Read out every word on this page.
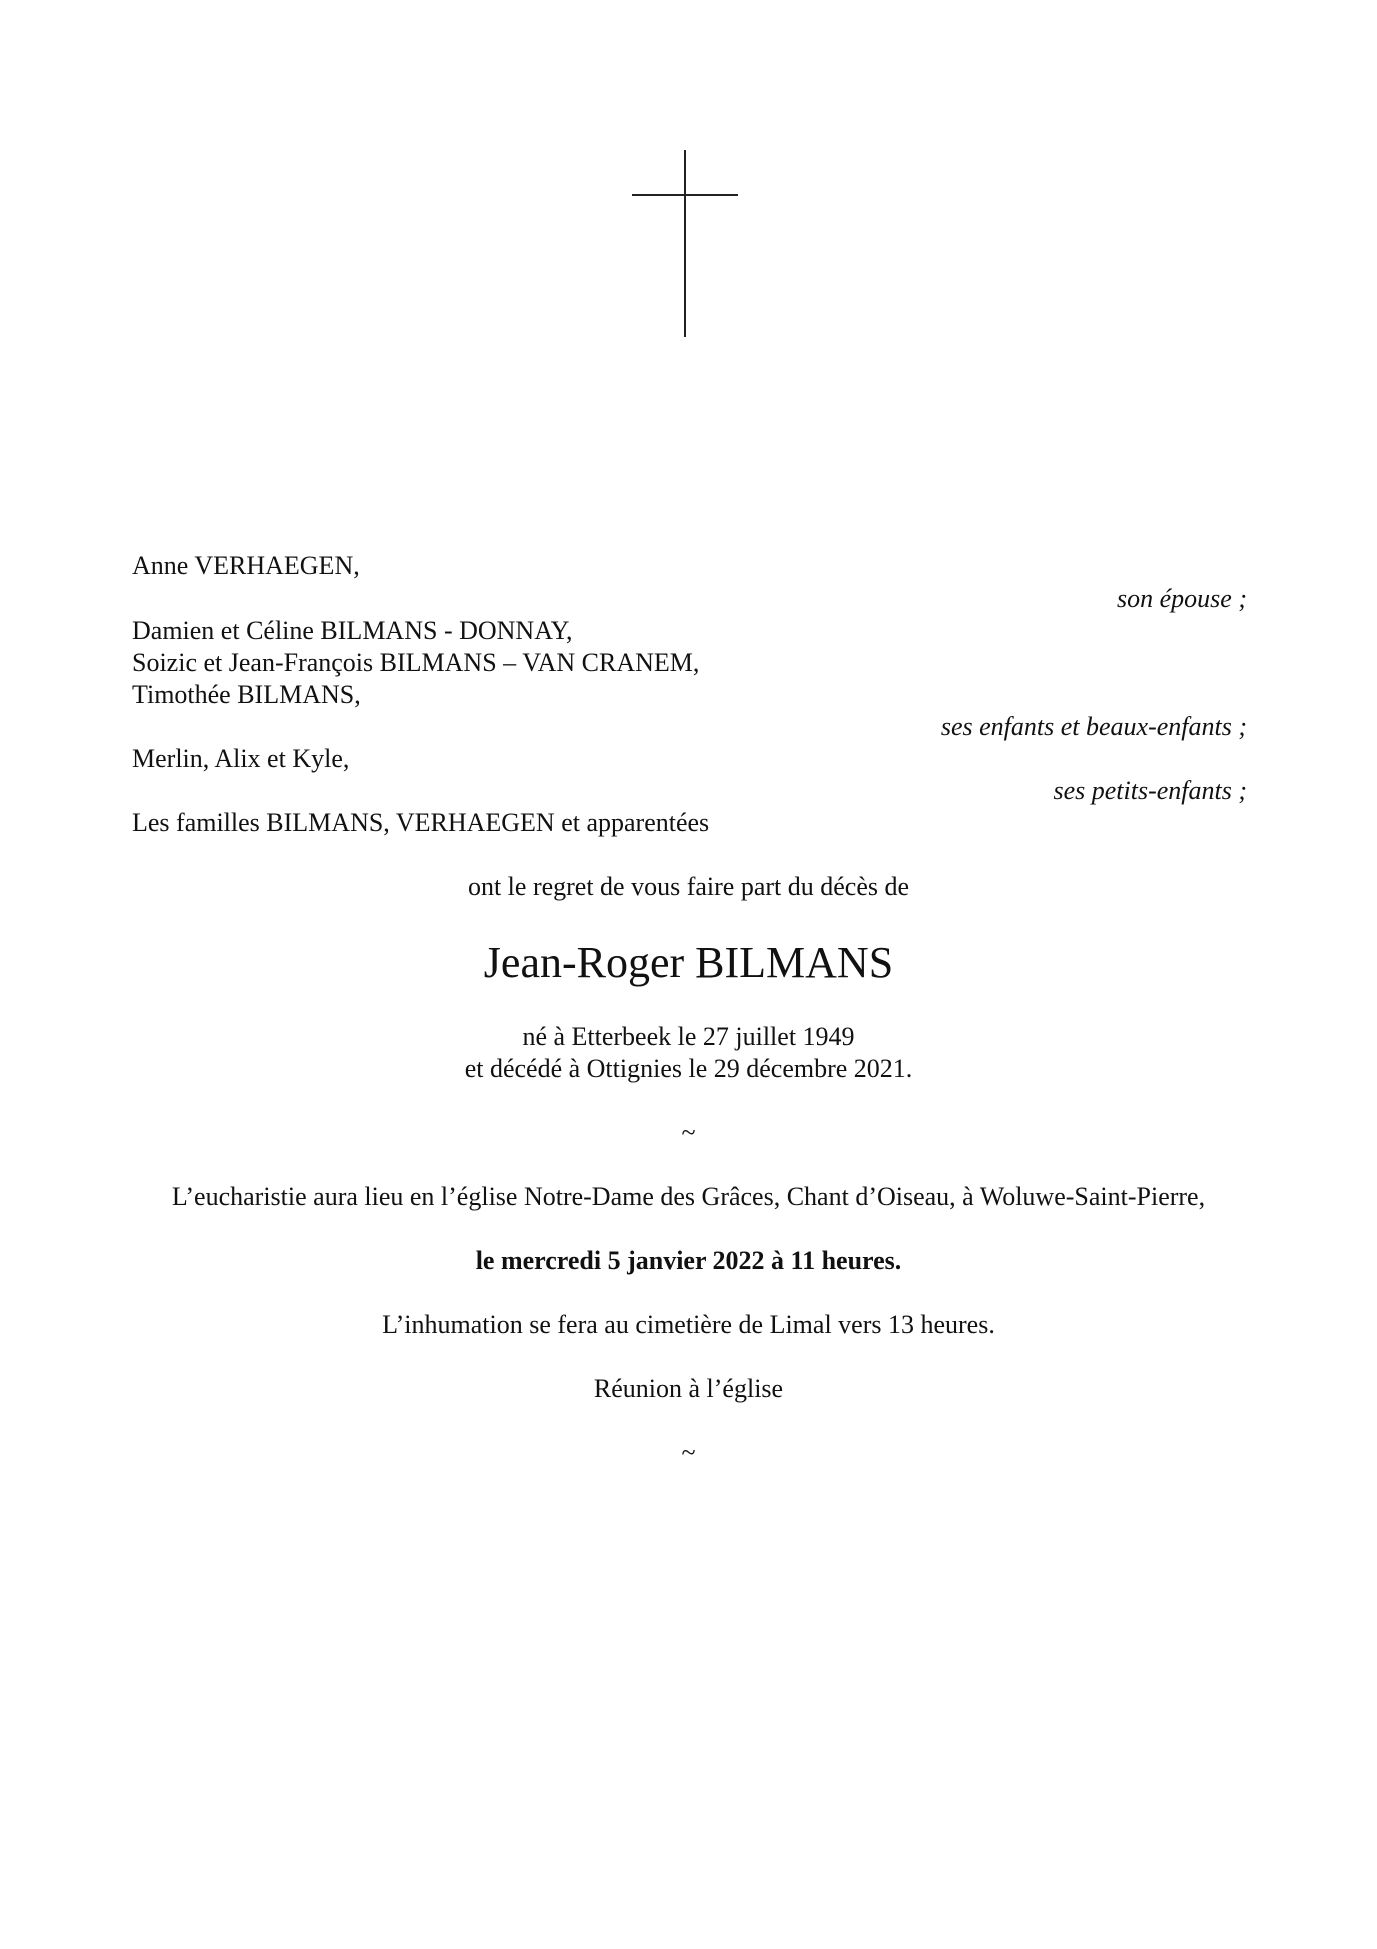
Anne VERHAEGEN,
son épouse ;
Damien et Céline BILMANS - DONNAY,
Soizic et Jean-François BILMANS – VAN CRANEM,
Timothée BILMANS,
ses enfants et beaux-enfants ;
Merlin, Alix et Kyle,
ses petits-enfants ;
Les familles BILMANS, VERHAEGEN et apparentées
ont le regret de vous faire part du décès de
Jean-Roger BILMANS
né à Etterbeek le 27 juillet 1949
et décédé à Ottignies le 29 décembre 2021.
~
L’eucharistie aura lieu en l’église Notre-Dame des Grâces, Chant d’Oiseau, à Woluwe-Saint-Pierre,
le mercredi 5 janvier 2022 à 11 heures.
L’inhumation se fera au cimetière de Limal vers 13 heures.
Réunion à l’église
~
